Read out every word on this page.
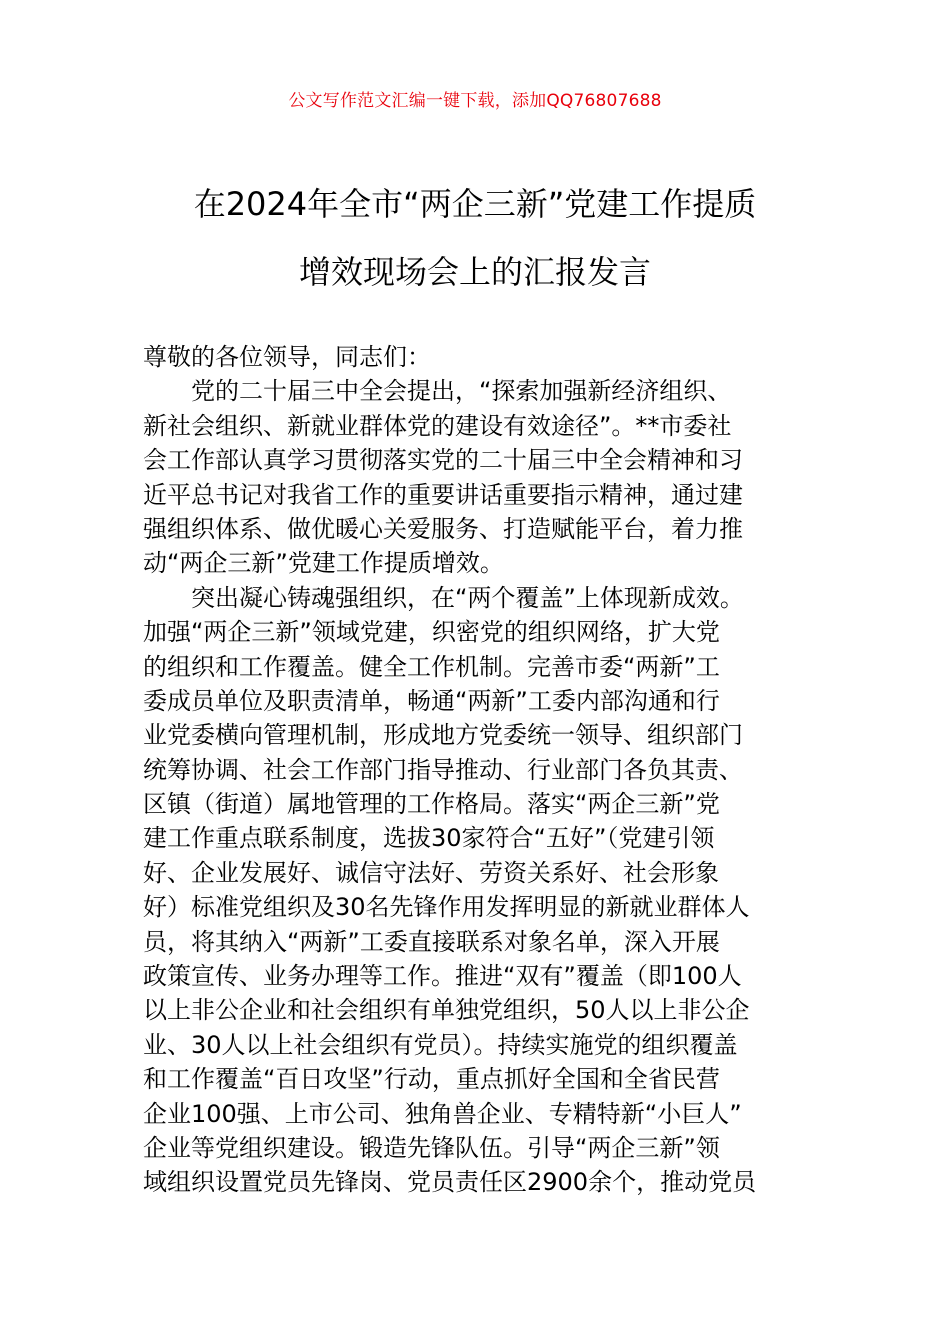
公文写作范文汇编一键下载，添加QQ76807688
在2024年全市“两企三新”党建工作提质
增效现场会上的汇报发言
尊敬的各位领导，同志们：
党的二十届三中全会提出，“探索加强新经济组织、
新社会组织、新就业群体党的建设有效途径”。**市委社
会工作部认真学习贯彻落实党的二十届三中全会精神和习
近平总书记对我省工作的重要讲话重要指示精神，通过建
强组织体系、做优暖心关爱服务、打造赋能平台，着力推
动“两企三新”党建工作提质增效。
突出凝心铸魂强组织，在“两个覆盖”上体现新成效。
加强“两企三新”领域党建，织密党的组织网络，扩大党
的组织和工作覆盖。健全工作机制。完善市委“两新”工
委成员单位及职责清单，畅通“两新”工委内部沟通和行
业党委横向管理机制，形成地方党委统一领导、组织部门
统筹协调、社会工作部门指导推动、行业部门各负其责、
区镇（街道）属地管理的工作格局。落实“两企三新”党
建工作重点联系制度，选拔30家符合“五好”（党建引领
好、企业发展好、诚信守法好、劳资关系好、社会形象
好）标准党组织及30名先锋作用发挥明显的新就业群体人
员，将其纳入“两新”工委直接联系对象名单，深入开展
政策宣传、业务办理等工作。推进“双有”覆盖（即100人
以上非公企业和社会组织有单独党组织，50人以上非公企
业、30人以上社会组织有党员）。持续实施党的组织覆盖
和工作覆盖“百日攻坚”行动，重点抓好全国和全省民营
企业100强、上市公司、独角兽企业、专精特新“小巨人”
企业等党组织建设。锻造先锋队伍。引导“两企三新”领
域组织设置党员先锋岗、党员责任区2900余个，推动党员
